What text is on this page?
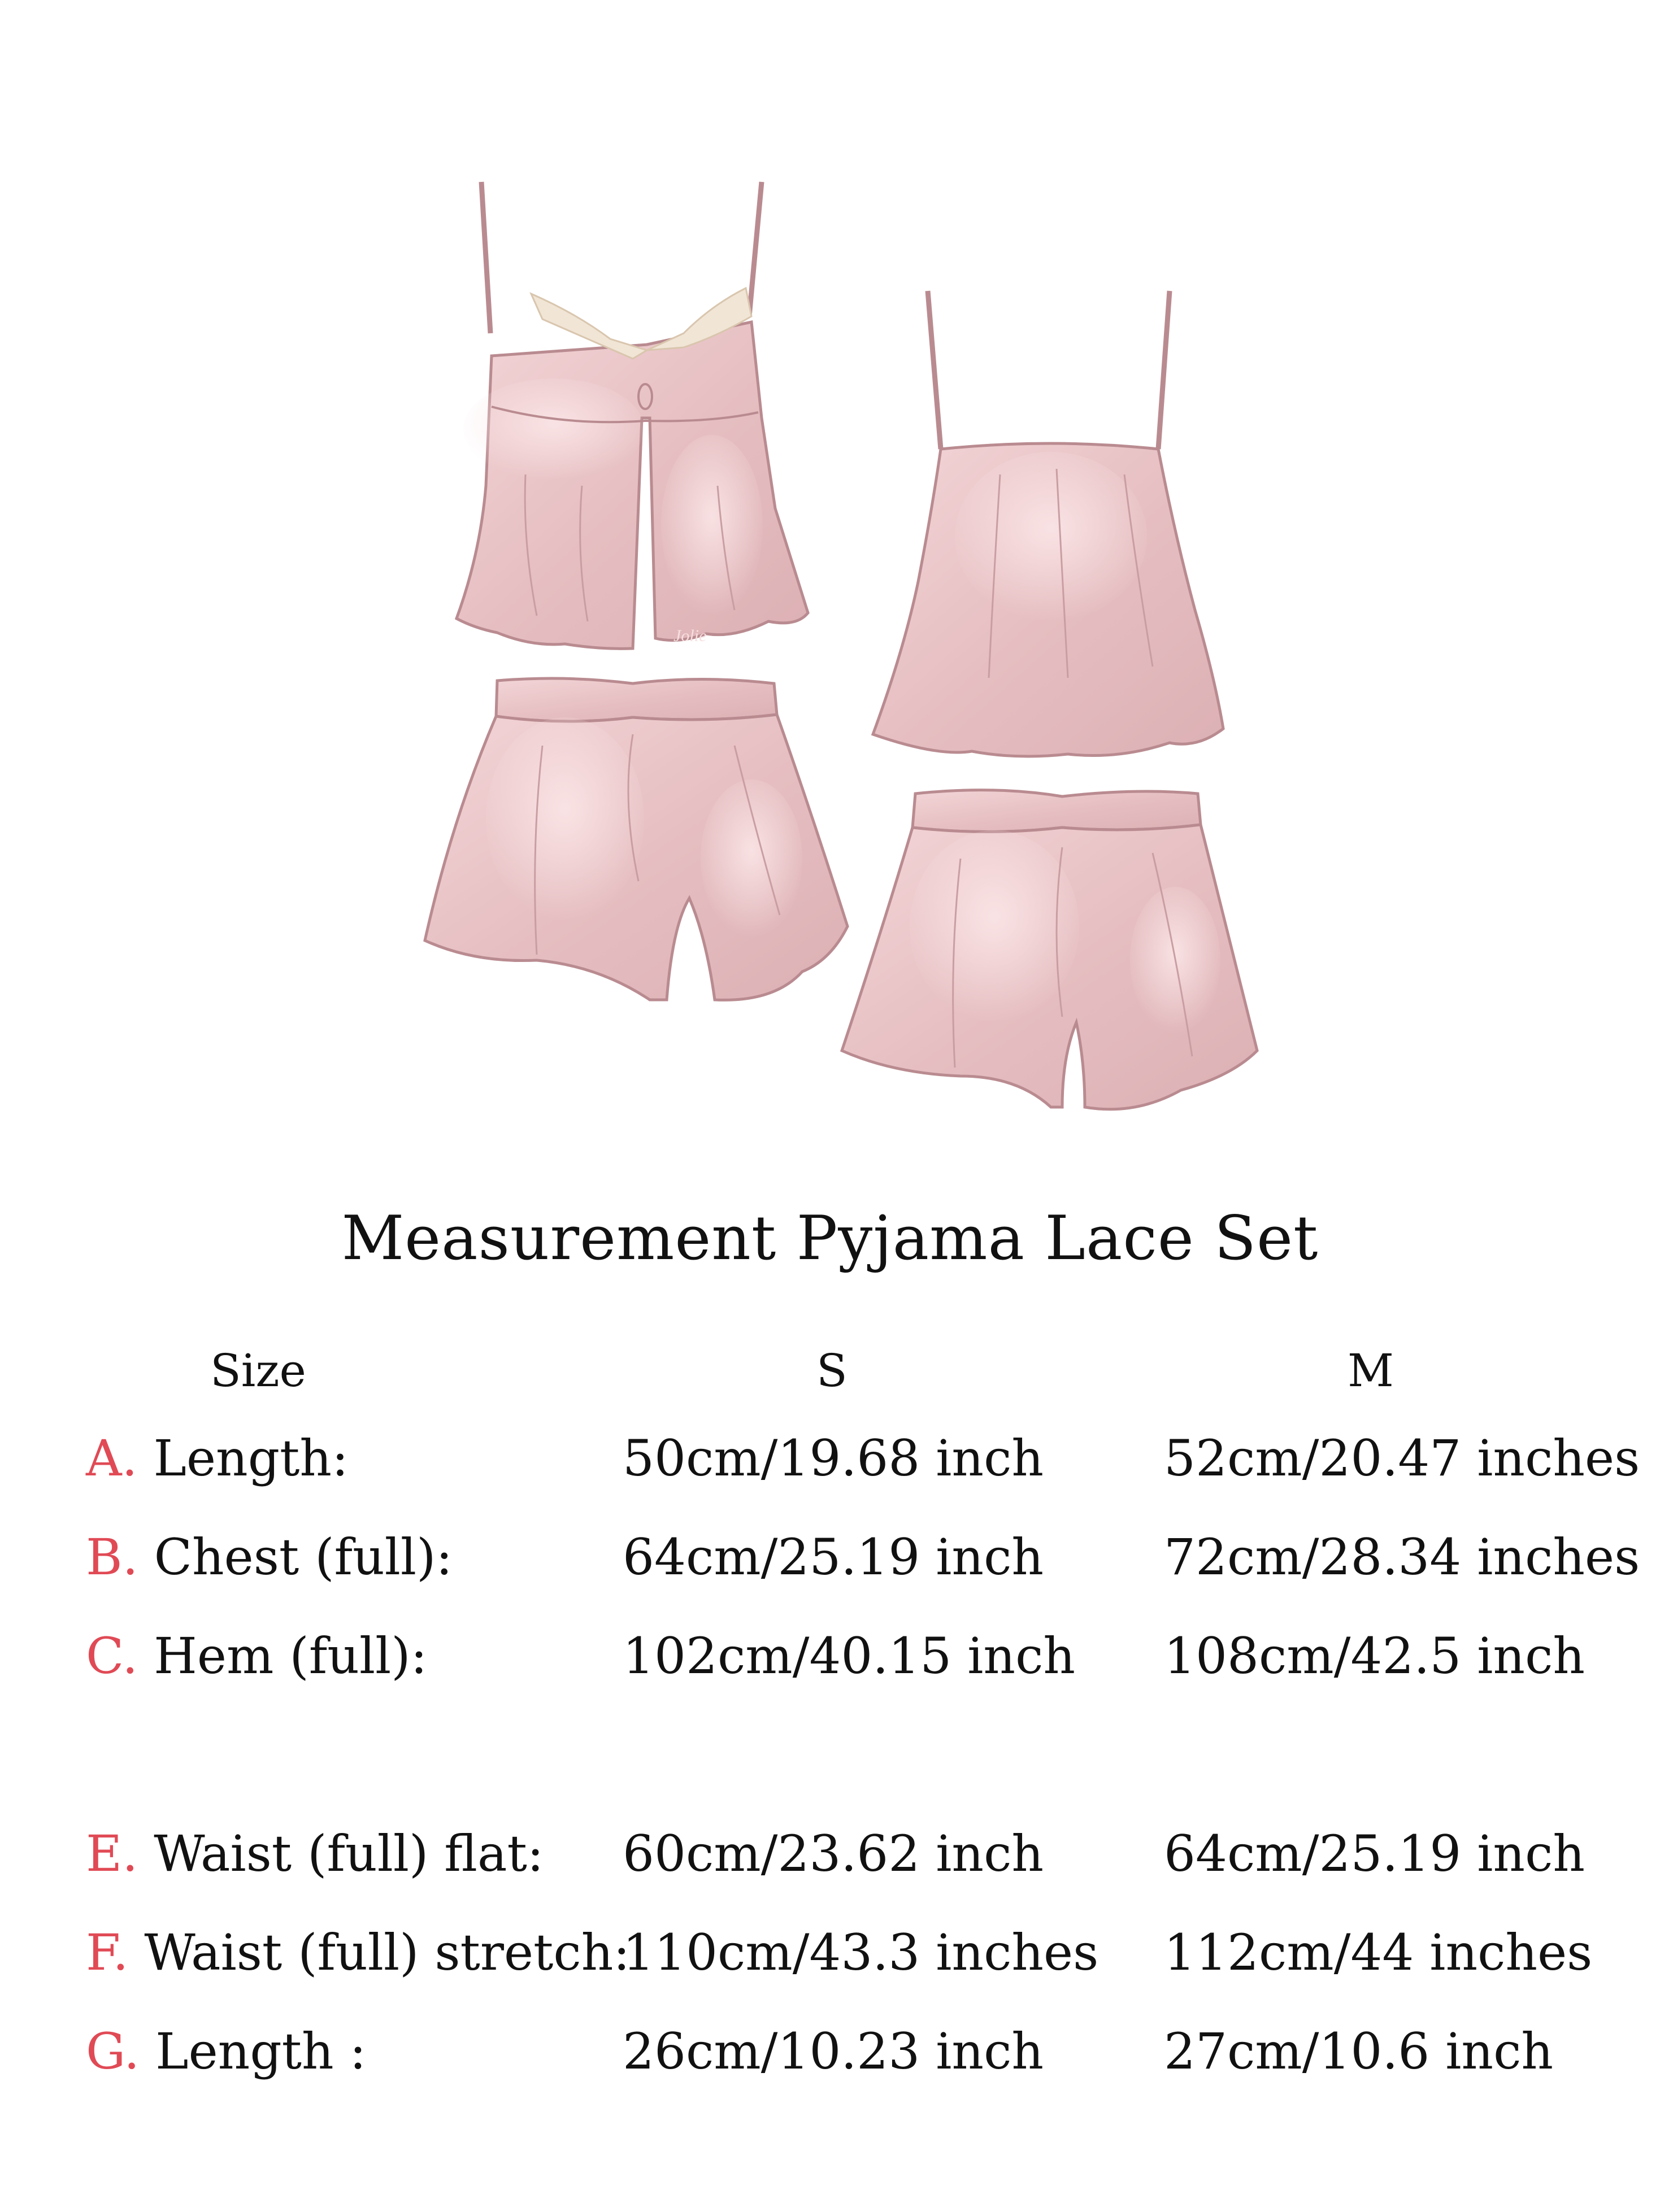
Jolie
Measurement Pyjama Lace Set
Size	S	M
A. Length:	50cm/19.68 inch 52cm/20.47 inches
B. Chest (full):	64cm/25.19 inch 72cm/28.34 inches
C. Hem (full):	102cm/40.15 inch 108cm/42.5 inch
E. Waist (full) flat: 60cm/23.62 inch 64cm/25.19 inch
F. Waist (full) stretch:
110cm/43.3 inches 112cm/44 inches
G. Length :	26cm/10.23 inch 27cm/10.6 inch
